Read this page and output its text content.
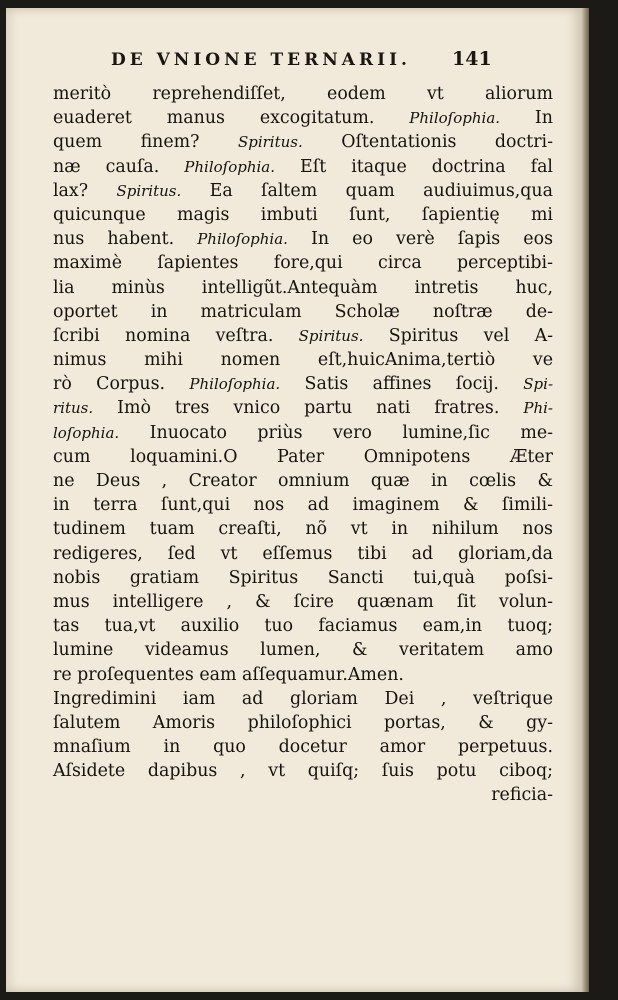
DE VNIONE TERNARII. 141
meritò reprehendiſſet, eodem vt aliorum
euaderet manus excogitatum. Philoſophia. In
quem finem? Spiritus. Oſtentationis doctri-
næ cauſa. Philoſophia. Eſt itaque doctrina fal
lax? Spiritus. Ea ſaltem quam audiuimus,qua
quicunque magis imbuti ſunt, ſapientię mi
nus habent. Philoſophia. In eo verè ſapis eos
maximè ſapientes fore,qui circa perceptibi-
lia minùs intelligũt.Antequàm intretis huc,
oportet in matriculam Scholæ noſtræ de-
ſcribi nomina veſtra. Spiritus. Spiritus vel A-
nimus mihi nomen eſt,huicAnima,tertiò ve
rò Corpus. Philoſophia. Satis affines ſocij. Spi-
ritus. Imò tres vnico partu nati fratres. Phi-
loſophia. Inuocato priùs vero lumine,ſic me-
cum loquamini.O Pater Omnipotens Æter
ne Deus , Creator omnium quæ in cœlis &
in terra ſunt,qui nos ad imaginem & ſimili-
tudinem tuam creaſti, nõ vt in nihilum nos
redigeres, ſed vt eſſemus tibi ad gloriam,da
nobis gratiam Spiritus Sancti tui,quà poſsi-
mus intelligere , & ſcire quænam ſit volun-
tas tua,vt auxilio tuo faciamus eam,in tuoq;
lumine videamus lumen, & veritatem amo
re proſequentes eam aſſequamur.Amen.
Ingredimini iam ad gloriam Dei , veſtrique
ſalutem Amoris philoſophici portas, & gy-
mnaſium in quo docetur amor perpetuus.
Aſsidete dapibus , vt quiſq; ſuis potu ciboq;
reficia-
